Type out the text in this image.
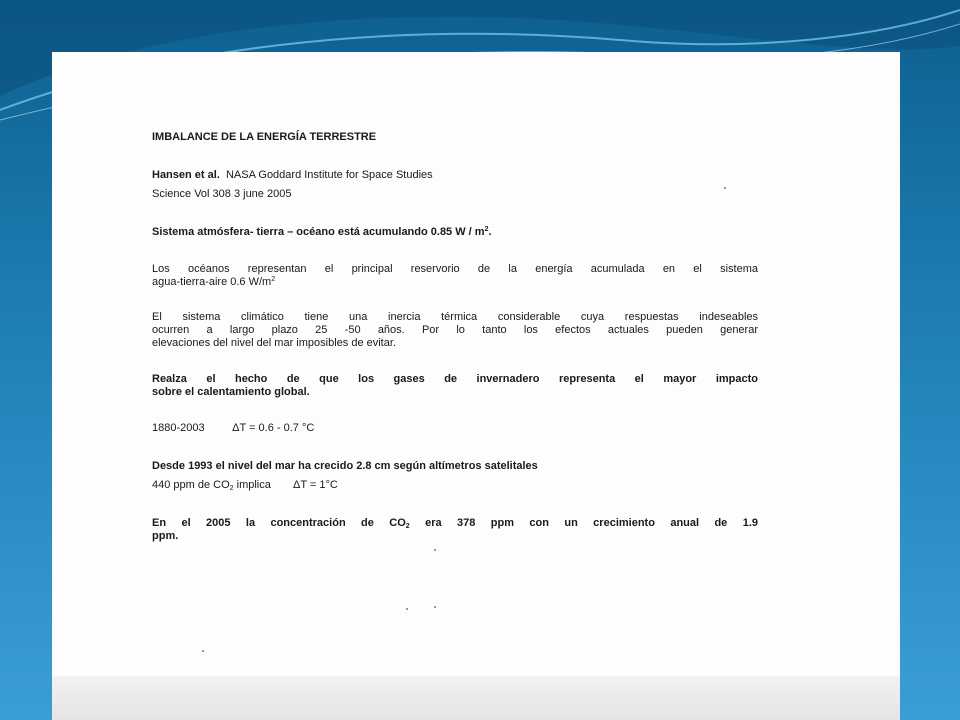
IMBALANCE DE LA ENERGÍA TERRESTRE
Hansen et al. NASA Goddard Institute for Space Studies
Science Vol 308 3 june 2005
Sistema atmósfera- tierra – océano está acumulando 0.85 W / $m^2$.
Los océanos representan el principal reservorio de la energía acumulada en el sistema
agua-tierra-aire 0.6 $W/m^2$
El sistema climático tiene una inercia térmica considerable cuya respuestas indeseables
ocurren a largo plazo 25 -50 años. Por lo tanto los efectos actuales pueden generar
elevaciones del nivel del mar imposibles de evitar.
Realza el hecho de que los gases de invernadero representa el mayor impacto
sobre el calentamiento global.
1880-2003	ΔT = 0.6 - 0.7 °C
Desde 1993 el nivel del mar ha crecido 2.8 cm según altímetros satelitales
440 ppm de $CO_2$ implica ΔT = 1°C
En el 2005 la concentración de $CO_2$ era 378 ppm con un crecimiento anual de 1.9
ppm.
